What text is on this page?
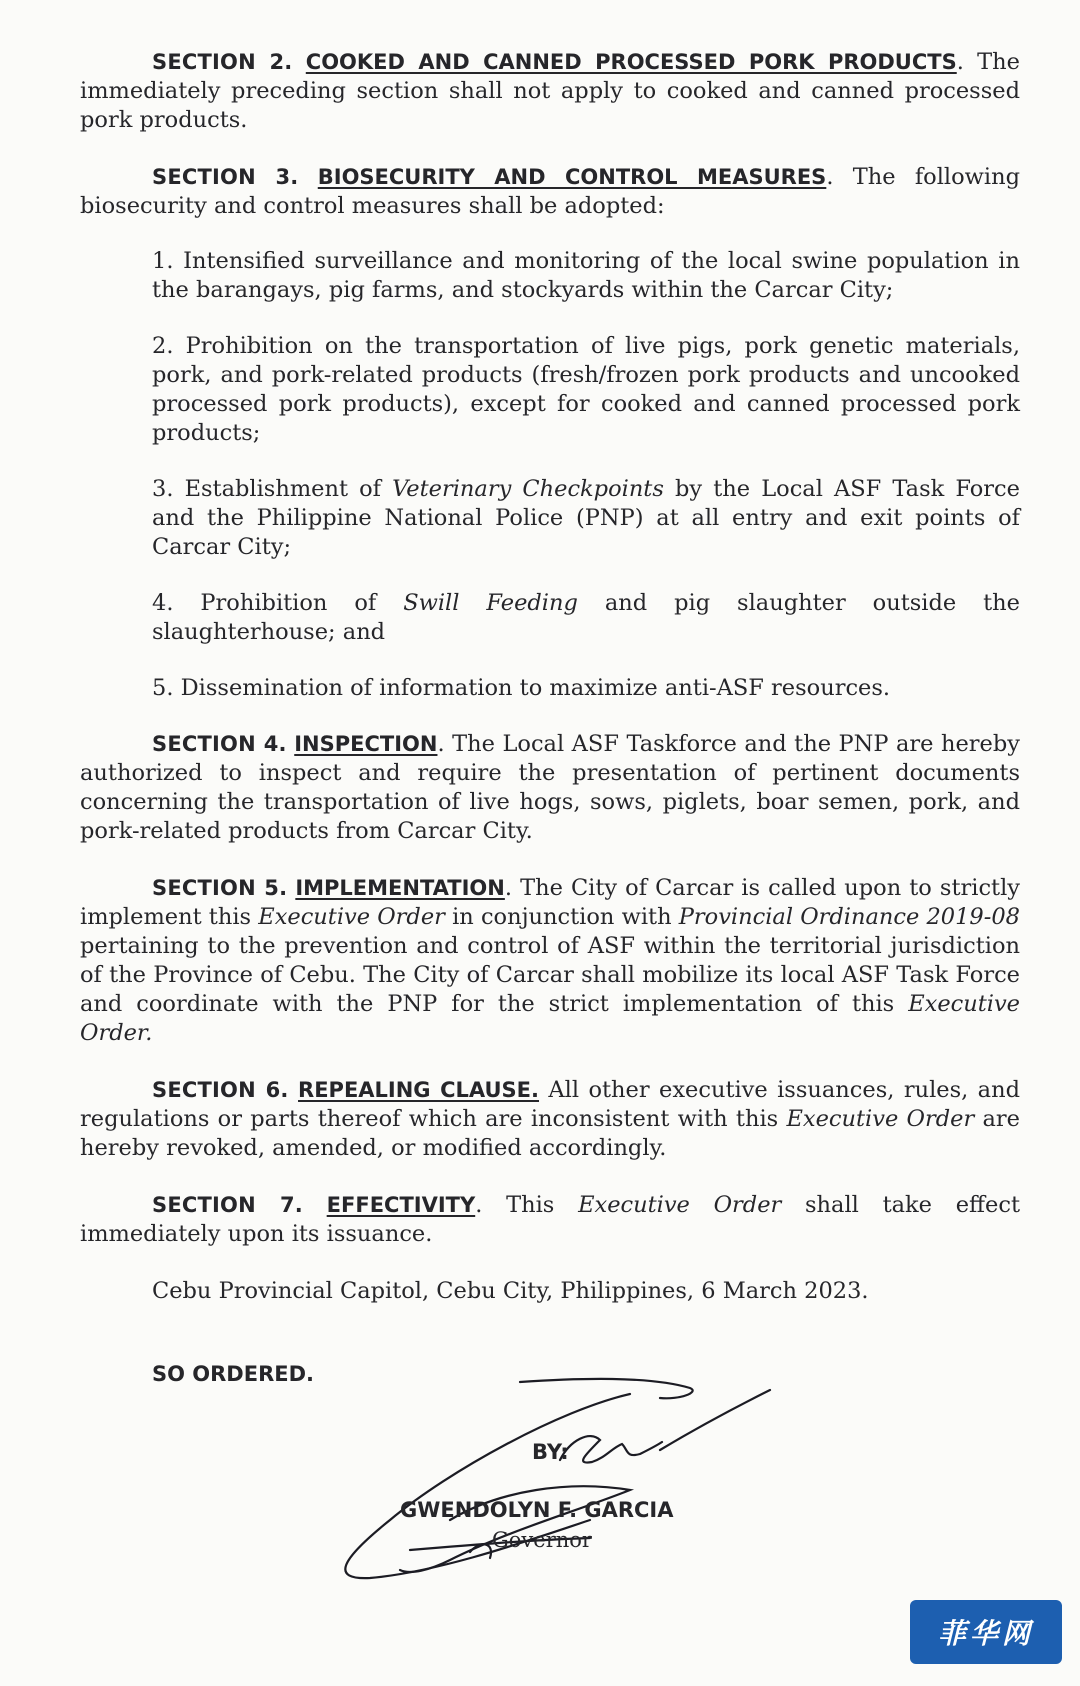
SECTION 2. COOKED AND CANNED PROCESSED PORK PRODUCTS. The immediately preceding section shall not apply to cooked and canned processed pork products.

SECTION 3. BIOSECURITY AND CONTROL MEASURES. The following biosecurity and control measures shall be adopted:

1. Intensified surveillance and monitoring of the local swine population in the barangays, pig farms, and stockyards within the Carcar City;
2. Prohibition on the transportation of live pigs, pork genetic materials, pork, and pork-related products (fresh/frozen pork products and uncooked processed pork products), except for cooked and canned processed pork products;
3. Establishment of Veterinary Checkpoints by the Local ASF Task Force and the Philippine National Police (PNP) at all entry and exit points of Carcar City;
4. Prohibition of Swill Feeding and pig slaughter outside the slaughterhouse; and
5. Dissemination of information to maximize anti-ASF resources.

SECTION 4. INSPECTION. The Local ASF Taskforce and the PNP are hereby authorized to inspect and require the presentation of pertinent documents concerning the transportation of live hogs, sows, piglets, boar semen, pork, and pork-related products from Carcar City.

SECTION 5. IMPLEMENTATION. The City of Carcar is called upon to strictly implement this Executive Order in conjunction with Provincial Ordinance 2019-08 pertaining to the prevention and control of ASF within the territorial jurisdiction of the Province of Cebu. The City of Carcar shall mobilize its local ASF Task Force and coordinate with the PNP for the strict implementation of this Executive Order.

SECTION 6. REPEALING CLAUSE. All other executive issuances, rules, and regulations or parts thereof which are inconsistent with this Executive Order are hereby revoked, amended, or modified accordingly.

SECTION 7. EFFECTIVITY. This Executive Order shall take effect immediately upon its issuance.

Cebu Provincial Capitol, Cebu City, Philippines, 6 March 2023.

SO ORDERED.

BY:
GWENDOLYN F. GARCIA
Governor
菲华网
